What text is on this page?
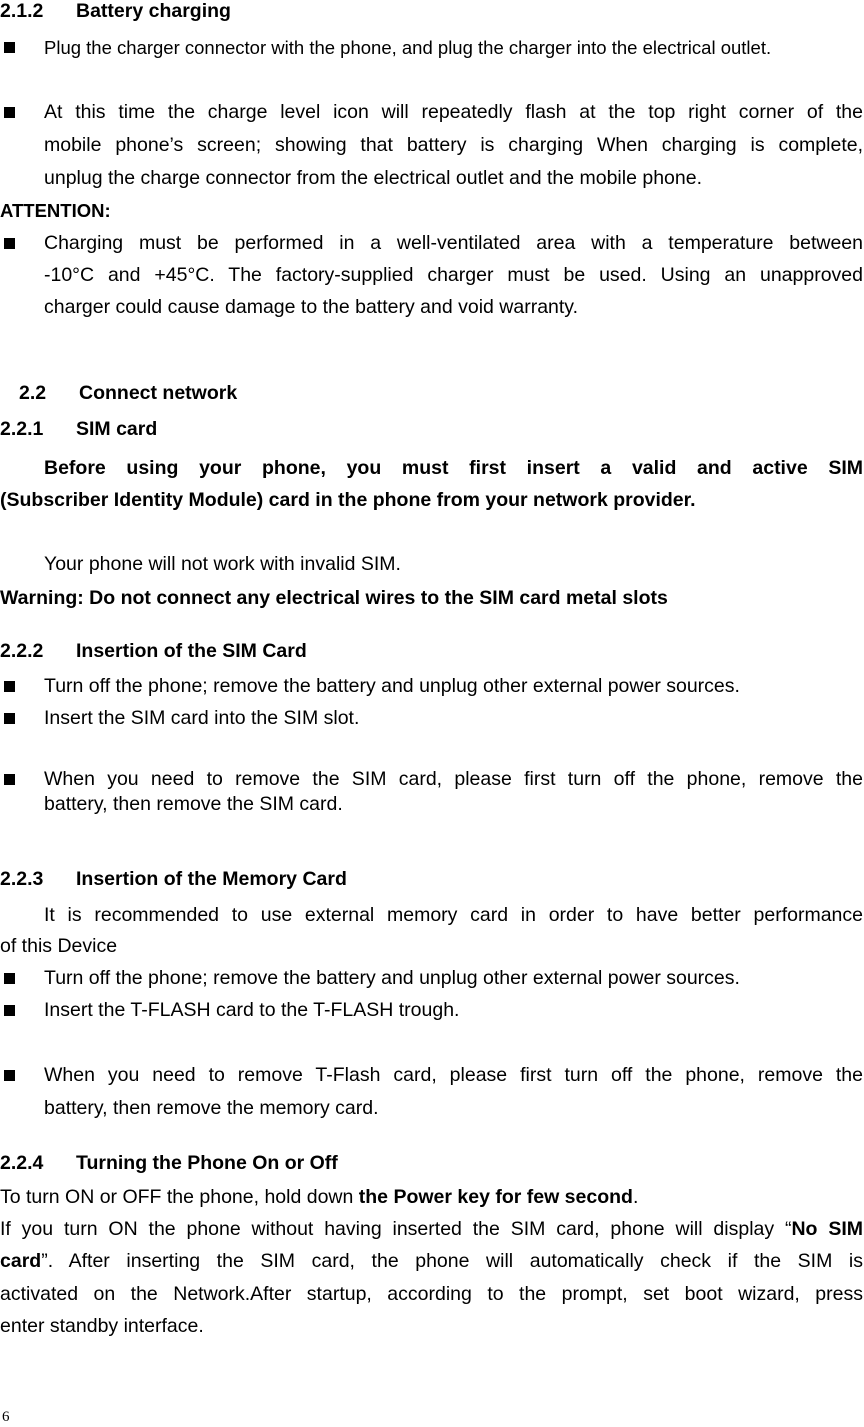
2.1.2 Battery charging
Plug the charger connector with the phone, and plug the charger into the electrical outlet.
At this time the charge level icon will repeatedly flash at the top right corner of the
mobile phone’s screen; showing that battery is charging When charging is complete,
unplug the charge connector from the electrical outlet and the mobile phone.
ATTENTION:
Charging must be performed in a well-ventilated area with a temperature between
-10°C and +45°C. The factory-supplied charger must be used. Using an unapproved
charger could cause damage to the battery and void warranty.
2.2 Connect network
2.2.1 SIM card
Before using your phone, you must first insert a valid and active SIM
(Subscriber Identity Module) card in the phone from your network provider.
Your phone will not work with invalid SIM.
Warning: Do not connect any electrical wires to the SIM card metal slots
2.2.2 Insertion of the SIM Card
Turn off the phone; remove the battery and unplug other external power sources.
Insert the SIM card into the SIM slot.
When you need to remove the SIM card, please first turn off the phone, remove the
battery, then remove the SIM card.
2.2.3 Insertion of the Memory Card
It is recommended to use external memory card in order to have better performance
of this Device
Turn off the phone; remove the battery and unplug other external power sources.
Insert the T-FLASH card to the T-FLASH trough.
When you need to remove T-Flash card, please first turn off the phone, remove the
battery, then remove the memory card.
2.2.4 Turning the Phone On or Off
To turn ON or OFF the phone, hold down the Power key for few second.
If you turn ON the phone without having inserted the SIM card, phone will display “No SIM
card”. After inserting the SIM card, the phone will automatically check if the SIM is
activated on the Network.After startup, according to the prompt, set boot wizard, press
enter standby interface.
6
